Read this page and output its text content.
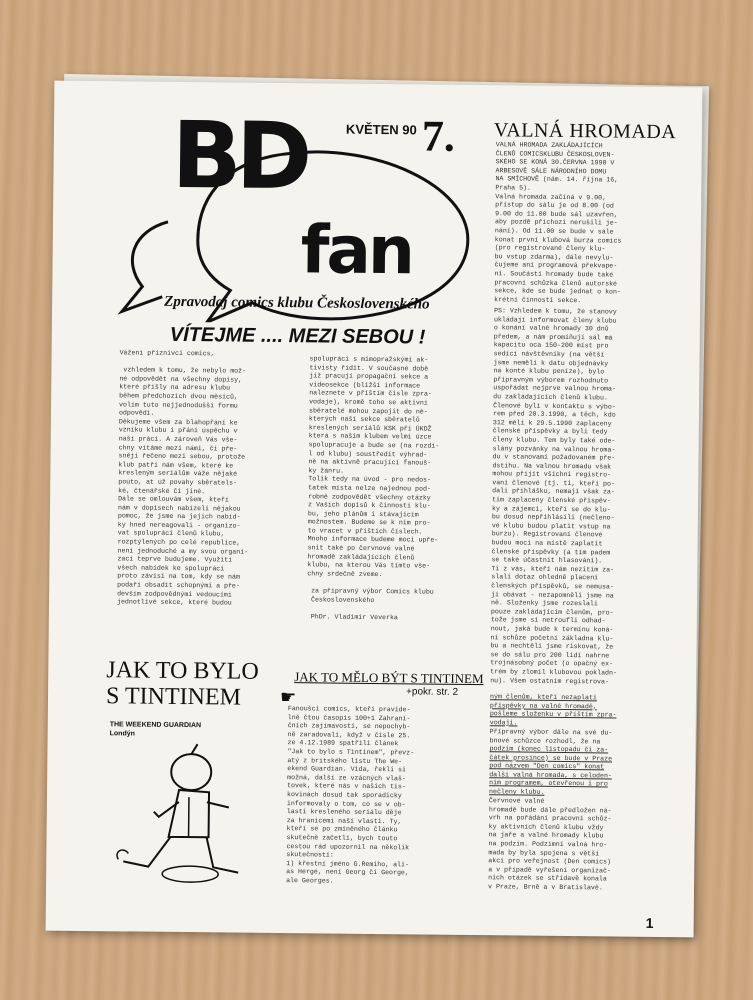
BD
fan
KVĚTEN 90 7.
Zpravodaj comics klubu Československého
VÍTEJME .... MEZI SEBOU !
Vážení příznivci comics,

vzhledem k tomu, že nebylo mož-
né odpovědět na všechny dopisy,
které přišly na adresu klubu
během předchozích dvou měsíců,
volím tuto nejjednodušší formu
odpovědi.
Děkujeme všem za blahopřání ke
vzniku klubu i přání úspěchu v
naší práci. A zároveň Vás vše-
chny vítáme mezi námi, či pře-
sněji řečeno mezi sebou, protože
klub patří nám všem, které ke
kresleným seriálům váže nějaké
pouto, at už povahy sběratels-
ké, čtenářské či jiné.
Dále se omlouvám všem, kteří
nám v dopisech nabízeli nějakou
pomoc, že jsme na jejich nabíd-
ky hned nereagovali - organizo-
vat spolupráci členů klubu,
rozptýlených po celé republice,
není jednoduché a my svou organi-
zaci teprve budujeme. Využití
všech nabídek ke spolupráci
proto závisí na tom, kdy se nám
podaří obsadit schopnými a pře-
devším zodpovědnými vedoucími
jednotlivé sekce, které budou
spoluprácí s mimopražskými ak-
tivisty řídit. V současné době
již pracují propagační sekce a
videosekce (bližší informace
naleznete v příštím čísle zpra-
vodaje), kromě toho se aktivní
sběratelé mohou zapojit do ně-
kterých naší sekce sběratelů
kreslených seriálů KSK při ÚKDŽ
která s naším klubem velmi úzce
spolupracuje a bude se (na rozdí-
l od klubu) soustředit výhrad-
ně na aktivně pracující fanouš-
ky žánru.
Tolik tedy na úvod - pro nedos-
tatek místa nelze najednou pod-
robně zodpovědět všechny otázky
z Vašich dopisů k činnosti klu-
bu, jeho plánům i stávajícím
možnostem. Budeme se k nim pro-
to vracet v příštích číslech.
Mnoho informace budeme moci upře-
snit také po červnové valné
hromadě zakládajících členů
klubu, na kterou Vás tímto vše-
chny srdečně zveme.

za přípravný výbor Comics klubu
Československého

PhDr. Vladimír Veverka
VALNÁ HROMADA
VALNÁ HROMADA ZAKLÁDAJÍCÍCH
ČLENŮ COMICSKLUBU ČESKOSLOVEN-
SKÉHO SE KONÁ 30.ČERVNA 1990 V
ARBESOVĚ SÁLE NÁRODNÍHO DOMU
NA SMÍCHOVĚ (nám. 14. října 16,
Praha 5).
Valná hromada začíná v 9.00,
přístup do sálu je od 8.00 (od
9.00 do 11.00 bude sál uzavřen,
aby pozdě příchozí nerušili je-
nání). Od 11.00 se bude v sále
konat první klubová burza comics
(pro registrované členy klu-
bu vstup zdarma), dále nevylu-
čujeme ani programová překvape-
ní. Součástí hromady bude také
pracovní schůzka členů autorské
sekce, kde se bude jednat o kon-
krétní činnosti sekce.
PS: Vzhledem k tomu, že stanovy
ukládají informovat členy klubu
o konání valné hromady 30 dnů
předem, a nám promiňují sál má
kapacitu oca 150-200 míst pro
sedící návštěvníky (na větší
jsme neměli k datu objednávky
na konté klubu peníze), bylo
přípravným výborem rozhodnuto
uspořádat nejprve valnou hroma-
du zakládajících členů klubu.
Členové byli v kontaktu s výbo-
rem před 20.3.1990, a těch, kdo
312 měli k 29.5.1990 zaplaceny
členské příspěvky a byli tedy
členy klubu. Tem byly také ode-
slány pozvánky na valnou hroma-
du v stanovami požadovaném pře-
dstihu. Na valnou hromadu však
mohou přijít všichni registro-
vaní členové (tj. ti, kteří po-
dali přihlášku, nemají však za-
tím zaplaceny členské příspěv-
ky a zájemci, kteří se do klu-
bu dosud nepřihlásili (nečleno-
vé klubu budou platit vstup na
burzu). Registrovaní členové
budou moci na místě zaplatit
členské příspěvky (a tím padem
se také účastnit hlasování).
Ti z vás, kteří nám nezitím za-
slali dotaz ohledně placení
členských příspěvků, se nemusa-
jí obávat - nezapomněli jsme na
ně. Složenky jsme rozeslali
pouze zakládajícím členům, pro-
tože jsme si netroufli odhad-
nout, jaká bude k termínu koná-
ní schůze početní základna klu-
bu a nechtěli jsme riskovat, že
se do sálu pro 200 lidí nahrne
trojnásobný počet (o opačný ex-
trém by zlomil klubovou pokladn-
nu). Všem ostatním registrova-
ným členům, kteří nezaplatí
příspěvky na valné hromadě,
pošleme složenku v příštím zpra-
vodaji.
Přípravný výbor dále na své du-
bnové schůzce rozhodl, že na
podzim (konec listopadu či za-
čátek prosince) se bude v Praze
pod názvem "Den comics" konat
další valná hromada, s celoden-
ním programem, otevřenou i pro
nečleny klubu.
Červnové valné
hromadě bude dále předložen ná-
vrh na pořádání pracovní schůz-
ky aktivních členů klubu vždy
na jaře a valné hromady klubu
na podzim. Podzimní valná hro-
mada by byla spojena s větší
akcí pro veřejnost (Den comics)
a v případě vyřešení organizač-
ních otázek se střídavě konala
v Praze, Brně a v Bratislavě.
JAK TO BYLO
S TINTINEM ☛
THE WEEKEND GUARDIAN
Londýn
JAK TO MĚLO BÝT S TINTINEM
+pokr. str. 2
Fanoušci comics, kteří pravide-
lně čtou časopis 100+1 Zahraní-
čních zajímavostí, se nepochyb-
ně zaradovali, když v čísle 25.
ze 4.12.1989 spatřili článek
"Jak to bylo s Tintinem", převz-
atý z britského listu The We-
ekend Guardian. Vida, řekli si
možná, další ze vzácných vlaš-
tovek, které nás v našich tis-
kovinách dosud tak sporadicky
informovaly o tom, co se v ob-
lasti kresleného seriálu děje
za hranicemi naší vlasti. Ty,
kteří se po zmíněného článku
skutečně začetli, bych touto
cestou rád upozornil na několik
skutečností:
1) křestní jméno G.Remiho, ali-
as Hergé, není Georg či George,
ale Georges.
1
